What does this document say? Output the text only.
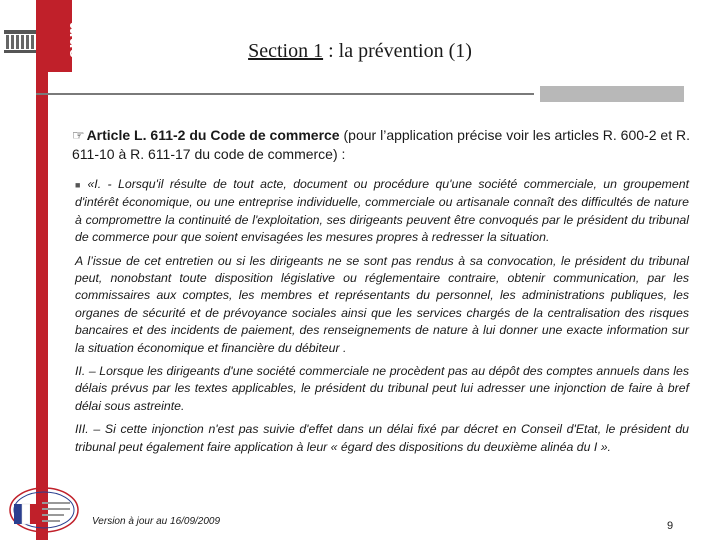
enm	Section 1 : la prévention (1)
☞ Article L. 611-2 du Code de commerce (pour l’application précise voir les articles R. 600-2 et R. 611-10 à R. 611-17 du code de commerce) :

■ «I. - Lorsqu'il résulte de tout acte, document ou procédure qu'une société commerciale, un groupement d'intérêt économique, ou une entreprise individuelle, commerciale ou artisanale connaît des difficultés de nature à compromettre la continuité de l'exploitation, ses dirigeants peuvent être convoqués par le président du tribunal de commerce pour que soient envisagées les mesures propres à redresser la situation.

A l’issue de cet entretien ou si les dirigeants ne se sont pas rendus à sa convocation, le président du tribunal peut, nonobstant toute disposition législative ou réglementaire contraire, obtenir communication, par les commissaires aux comptes, les membres et représentants du personnel, les administrations publiques, les organes de sécurité et de prévoyance sociales ainsi que les services chargés de la centralisation des risques bancaires et des incidents de paiement, des renseignements de nature à lui donner une exacte information sur la situation économique et financière du débiteur .

II. – Lorsque les dirigeants d'une société commerciale ne procèdent pas au dépôt des comptes annuels dans les délais prévus par les textes applicables, le président du tribunal peut lui adresser une injonction de faire à bref délai sous astreinte.

III. – Si cette injonction n'est pas suivie d'effet dans un délai fixé par décret en Conseil d'Etat, le président du tribunal peut également faire application à leur « égard des dispositions du deuxième alinéa du I ».

Version à jour au 16/09/2009	9
